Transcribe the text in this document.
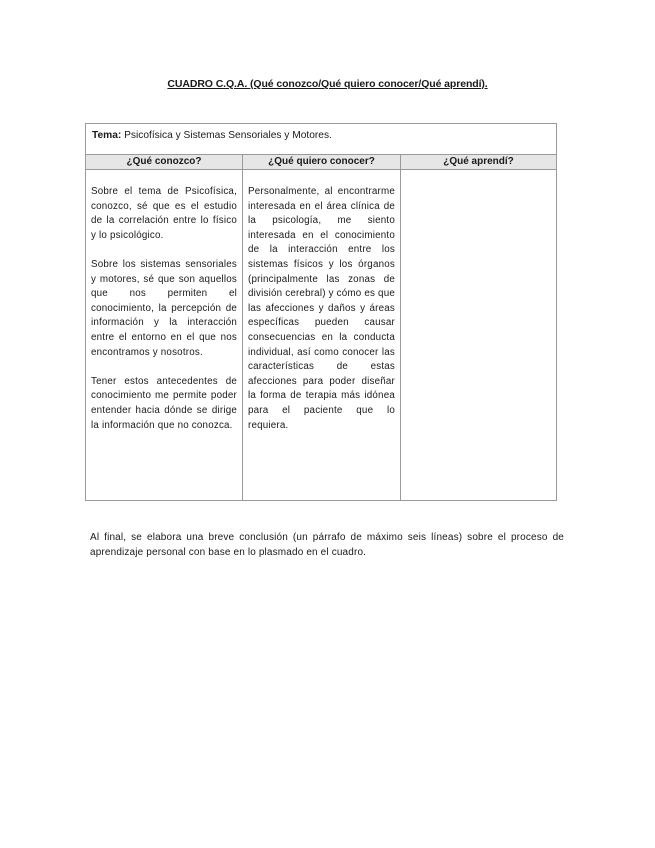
CUADRO C.Q.A. (Qué conozco/Qué quiero conocer/Qué aprendí).
Tema: Psicofísica y Sistemas Sensoriales y Motores.
¿Qué conozco?	¿Qué quiero conocer?	¿Qué aprendí?

Sobre el tema de Psicofísica, conozco, sé que es el estudio de la correlación entre lo físico y lo psicológico.

Sobre los sistemas sensoriales y motores, sé que son aquellos que nos permiten el conocimiento, la percepción de información y la interacción entre el entorno en el que nos encontramos y nosotros.

Tener estos antecedentes de conocimiento me permite poder entender hacia dónde se dirige la información que no conozca.

Personalmente, al encontrarme interesada en el área clínica de la psicología, me siento interesada en el conocimiento de la interacción entre los sistemas físicos y los órganos (principalmente las zonas de división cerebral) y cómo es que las afecciones y daños y áreas específicas pueden causar consecuencias en la conducta individual, así como conocer las características de estas afecciones para poder diseñar la forma de terapia más idónea para el paciente que lo requiera.

Al final, se elabora una breve conclusión (un párrafo de máximo seis líneas) sobre el proceso de aprendizaje personal con base en lo plasmado en el cuadro.
